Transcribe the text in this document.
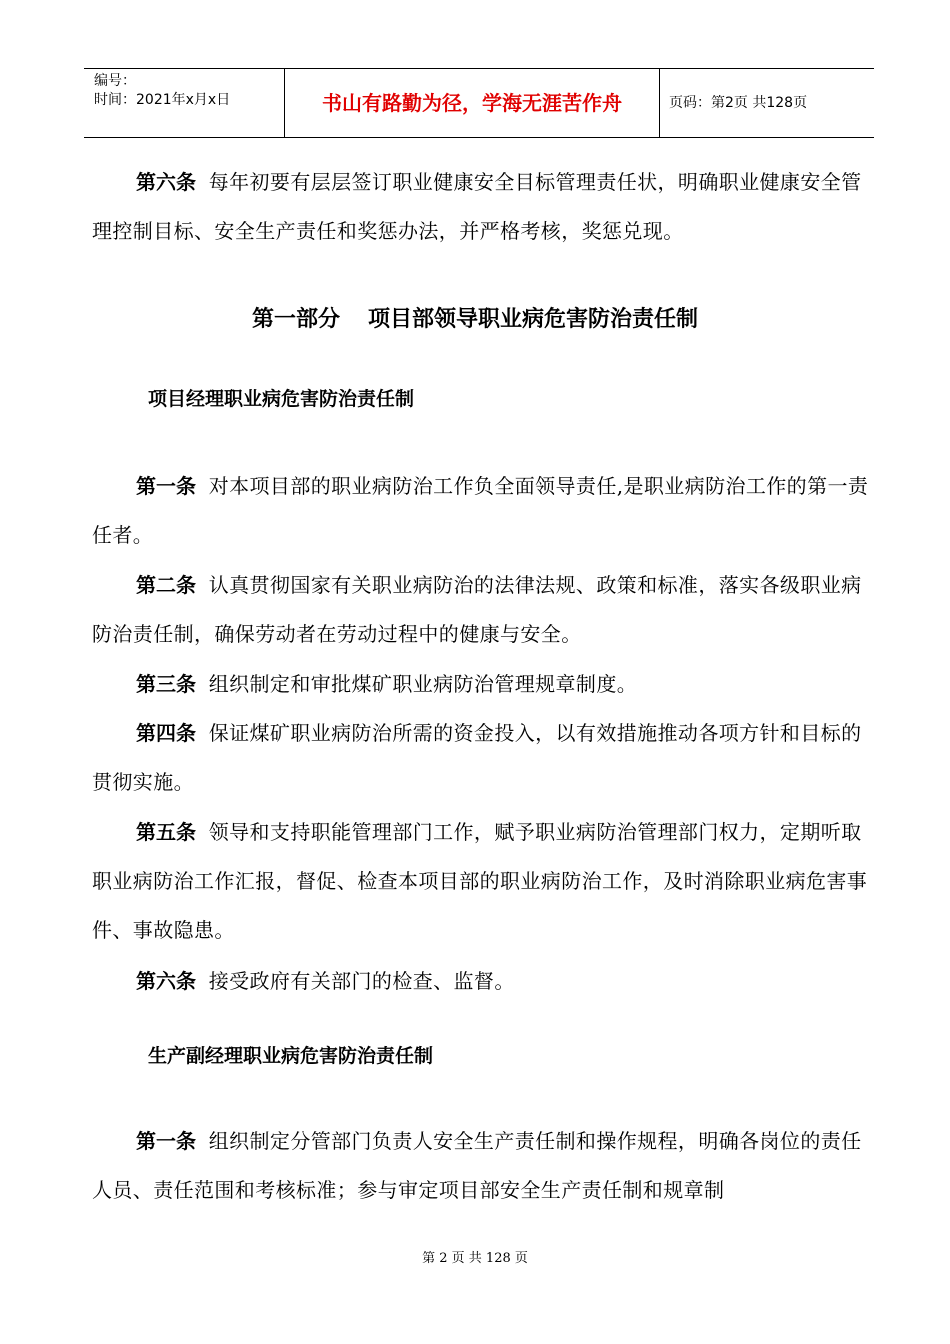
编号：
时间：2021年x月x日	书山有路勤为径，学海无涯苦作舟	页码：第2页 共128页

第六条 每年初要有层层签订职业健康安全目标管理责任状，明确职业健康安全管理控制目标、安全生产责任和奖惩办法，并严格考核，奖惩兑现。

第一部分 项目部领导职业病危害防治责任制
项目经理职业病危害防治责任制

第一条 对本项目部的职业病防治工作负全面领导责任,是职业病防治工作的第一责任者。

第二条 认真贯彻国家有关职业病防治的法律法规、政策和标准，落实各级职业病防治责任制，确保劳动者在劳动过程中的健康与安全。

第三条 组织制定和审批煤矿职业病防治管理规章制度。

第四条 保证煤矿职业病防治所需的资金投入，以有效措施推动各项方针和目标的贯彻实施。

第五条 领导和支持职能管理部门工作，赋予职业病防治管理部门权力，定期听取职业病防治工作汇报，督促、检查本项目部的职业病防治工作，及时消除职业病危害事件、事故隐患。

第六条 接受政府有关部门的检查、监督。

生产副经理职业病危害防治责任制

第一条 组织制定分管部门负责人安全生产责任制和操作规程，明确各岗位的责任人员、责任范围和考核标准；参与审定项目部安全生产责任制和规章制

第 2 页 共 128 页
